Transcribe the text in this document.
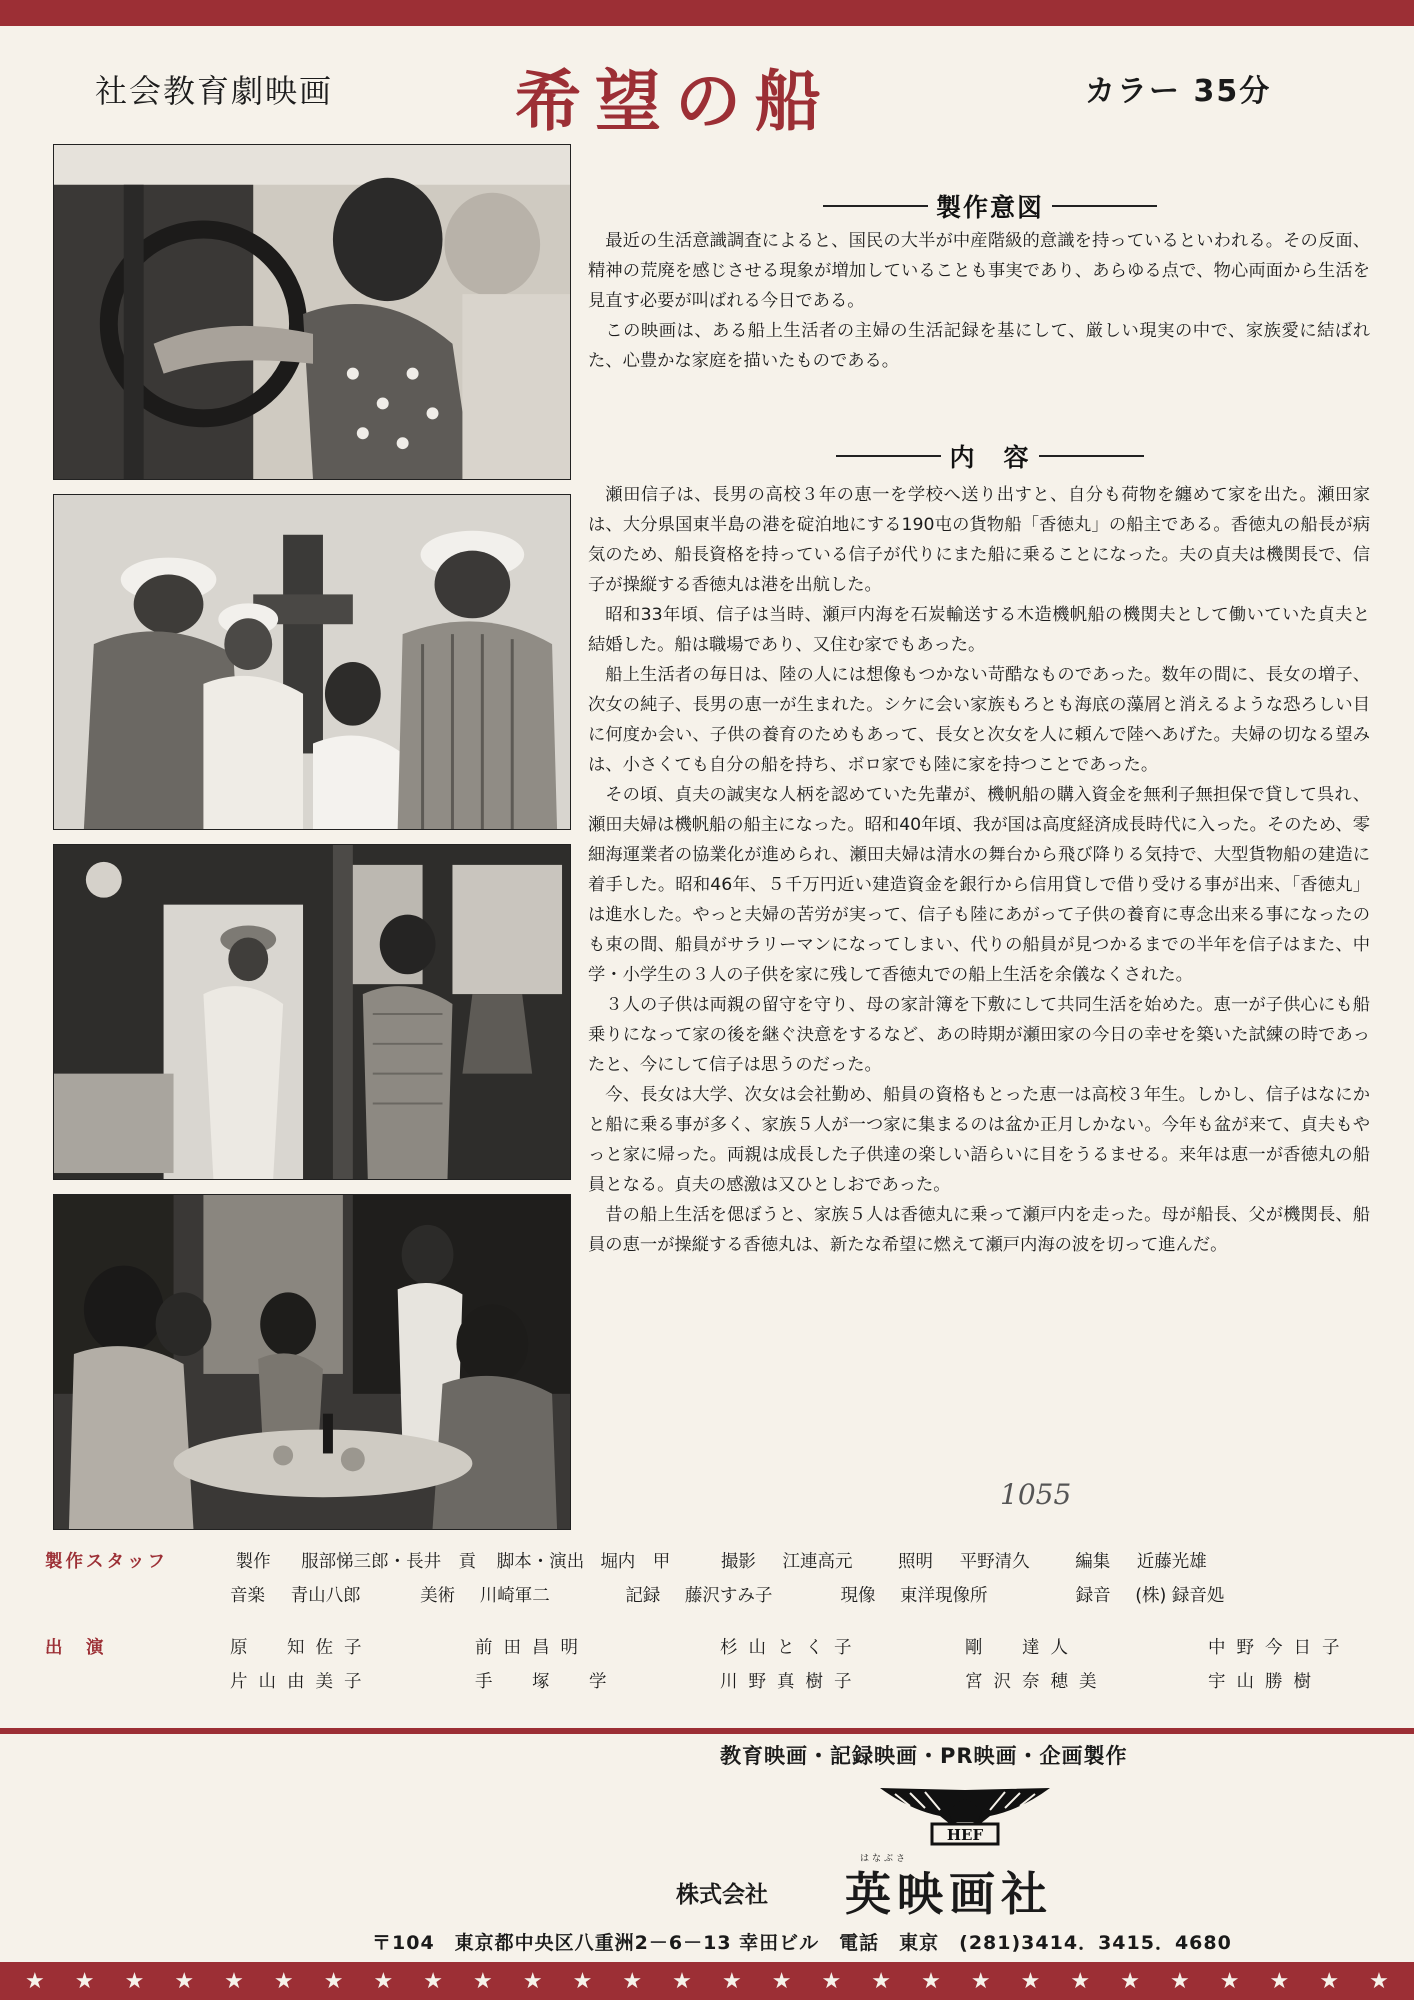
社会教育劇映画	希望の船	カラー 35分
製作意図

最近の生活意識調査によると、国民の大半が中産階級的意識を持っているといわれる。その反面、精神の荒廃を感じさせる現象が増加していることも事実であり、あらゆる点で、物心両面から生活を見直す必要が叫ばれる今日である。

この映画は、ある船上生活者の主婦の生活記録を基にして、厳しい現実の中で、家族愛に結ばれた、心豊かな家庭を描いたものである。

内　容

瀬田信子は、長男の高校３年の恵一を学校へ送り出すと、自分も荷物を纏めて家を出た。瀬田家は、大分県国東半島の港を碇泊地にする190屯の貨物船「香徳丸」の船主である。香徳丸の船長が病気のため、船長資格を持っている信子が代りにまた船に乗ることになった。夫の貞夫は機関長で、信子が操縦する香徳丸は港を出航した。

昭和33年頃、信子は当時、瀬戸内海を石炭輸送する木造機帆船の機関夫として働いていた貞夫と結婚した。船は職場であり、又住む家でもあった。

船上生活者の毎日は、陸の人には想像もつかない苛酷なものであった。数年の間に、長女の増子、次女の純子、長男の恵一が生まれた。シケに会い家族もろとも海底の藻屑と消えるような恐ろしい目に何度か会い、子供の養育のためもあって、長女と次女を人に頼んで陸へあげた。夫婦の切なる望みは、小さくても自分の船を持ち、ボロ家でも陸に家を持つことであった。

その頃、貞夫の誠実な人柄を認めていた先輩が、機帆船の購入資金を無利子無担保で貸して呉れ、瀬田夫婦は機帆船の船主になった。昭和40年頃、我が国は高度経済成長時代に入った。そのため、零細海運業者の協業化が進められ、瀬田夫婦は清水の舞台から飛び降りる気持で、大型貨物船の建造に着手した。昭和46年、５千万円近い建造資金を銀行から信用貸しで借り受ける事が出来、「香徳丸」は進水した。やっと夫婦の苦労が実って、信子も陸にあがって子供の養育に専念出来る事になったのも束の間、船員がサラリーマンになってしまい、代りの船員が見つかるまでの半年を信子はまた、中学・小学生の３人の子供を家に残して香徳丸での船上生活を余儀なくされた。

３人の子供は両親の留守を守り、母の家計簿を下敷にして共同生活を始めた。恵一が子供心にも船乗りになって家の後を継ぐ決意をするなど、あの時期が瀬田家の今日の幸せを築いた試練の時であったと、今にして信子は思うのだった。

今、長女は大学、次女は会社勤め、船員の資格もとった恵一は高校３年生。しかし、信子はなにかと船に乗る事が多く、家族５人が一つ家に集まるのは盆か正月しかない。今年も盆が来て、貞夫もやっと家に帰った。両親は成長した子供達の楽しい語らいに目をうるませる。来年は恵一が香徳丸の船員となる。貞夫の感激は又ひとしおであった。

昔の船上生活を偲ぼうと、家族５人は香徳丸に乗って瀬戸内を走った。母が船長、父が機関長、船員の恵一が操縦する香徳丸は、新たな希望に燃えて瀬戸内海の波を切って進んだ。

1055
製作スタッフ	製作 服部悌三郎・長井　貢 脚本・演出 堀内　甲	撮影 江連高元	照明 平野清久	編集 近藤光雄
音楽 青山八郎	美術 川崎軍二	記録 藤沢すみ子	現像 東洋現像所	録音 (株) 録音処
出　演	原　知佐子	前田昌明	杉山とく子	剛　達人	中野今日子
片山由美子	手　塚　学	川野真樹子	宮沢奈穂美	宇山勝樹
教育映画・記録映画・PR映画・企画製作
HEF
株式会社
はなぶさ
英映画社
〒104　東京都中央区八重洲2－6－13 幸田ビル　電話　東京　(281)3414．3415．4680
★ ★ ★ ★ ★ ★ ★ ★ ★ ★ ★ ★ ★ ★ ★ ★ ★ ★ ★ ★ ★ ★ ★ ★ ★ ★ ★ ★
